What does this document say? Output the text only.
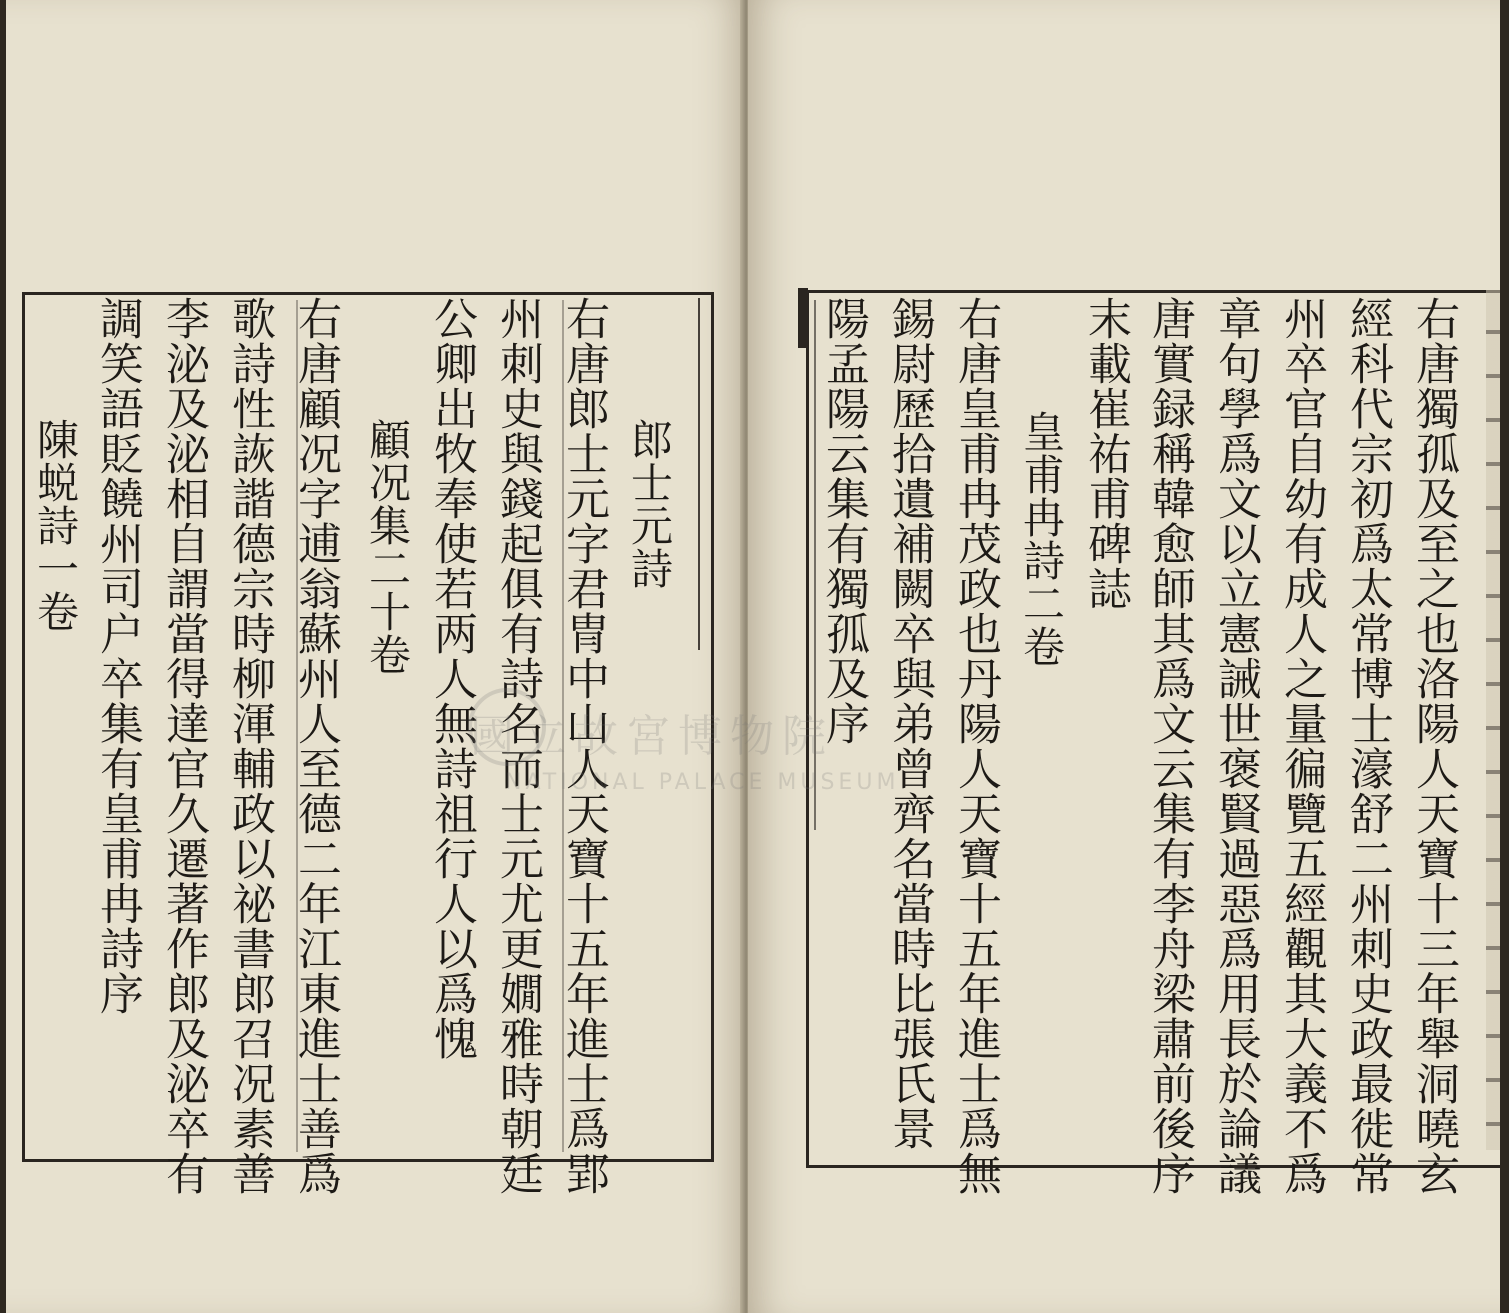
郎士元詩
右唐郎士元字君冑中山人天寶十五年進士爲郢
州刺史與錢起俱有詩名而士元尤更嫺雅時朝廷
公卿出牧奉使若两人無詩祖行人以爲愧
顧况集二十卷
右唐顧况字逋翁蘇州人至德二年江東進士善爲
歌詩性詼諧德宗時柳渾輔政以祕書郎召况素善
李泌及泌相自謂當得達官久遷著作郎及泌卒有
調笑語貶饒州司户卒集有皇甫冉詩序
陳蜕詩一卷	右唐獨孤及至之也洛陽人天寶十三年舉洞曉玄
經科代宗初爲太常博士濠舒二州刺史政最徙常
州卒官自幼有成人之量徧覽五經觀其大義不爲
章句學爲文以立憲誡世褒賢過惡爲用長於論議
唐實録稱韓愈師其爲文云集有李舟梁肅前後序
末載崔祐甫碑誌
皇甫冉詩二卷
右唐皇甫冉茂政也丹陽人天寶十五年進士爲無
錫尉歷拾遺補闕卒與弟曾齊名當時比張氏景
陽孟陽云集有獨孤及序
國立故宮博物院
NATIONAL PALACE MUSEUM
